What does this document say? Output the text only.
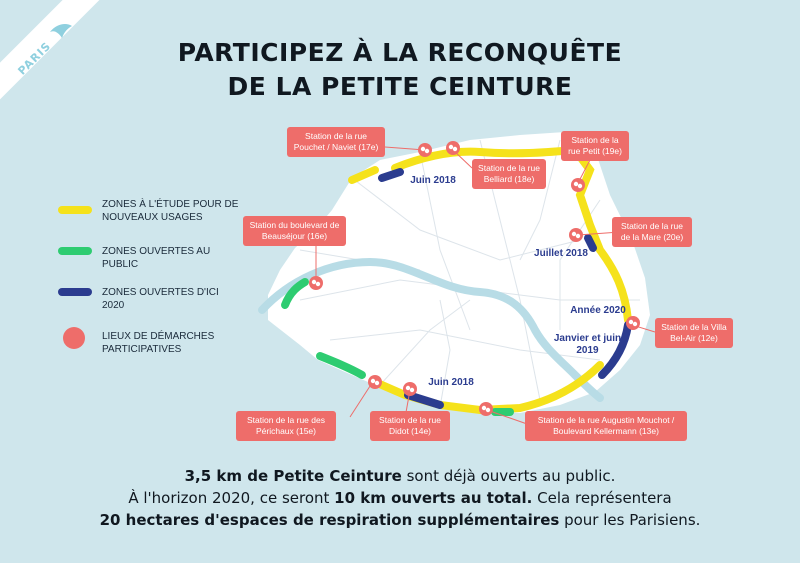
PARIS	PARTICIPEZ À LA RECONQUÊTE
DE LA PETITE CEINTURE
ZONES À L'ÉTUDE POUR DE NOUVEAUX USAGES
ZONES OUVERTES AU PUBLIC
ZONES OUVERTES D'ICI 2020
LIEUX DE DÉMARCHES PARTICIPATIVES
Station de la rue Pouchet / Naviet (17e)
Station de la rue Belliard (18e)
Station de la rue Petit (19e)
Station de la rue de la Mare (20e)
Station du boulevard de Beauséjour (16e)
Station de la Villa Bel-Air (12e)
Station de la rue des Périchaux (15e)
Station de la rue Didot (14e)
Station de la rue Augustin Mouchot / Boulevard Kellermann (13e)
Juin 2018
Juillet 2018
Année 2020
Janvier et juin 2019
Juin 2018
3,5 km de Petite Ceinture sont déjà ouverts au public.
À l'horizon 2020, ce seront 10 km ouverts au total. Cela représentera
20 hectares d'espaces de respiration supplémentaires pour les Parisiens.
